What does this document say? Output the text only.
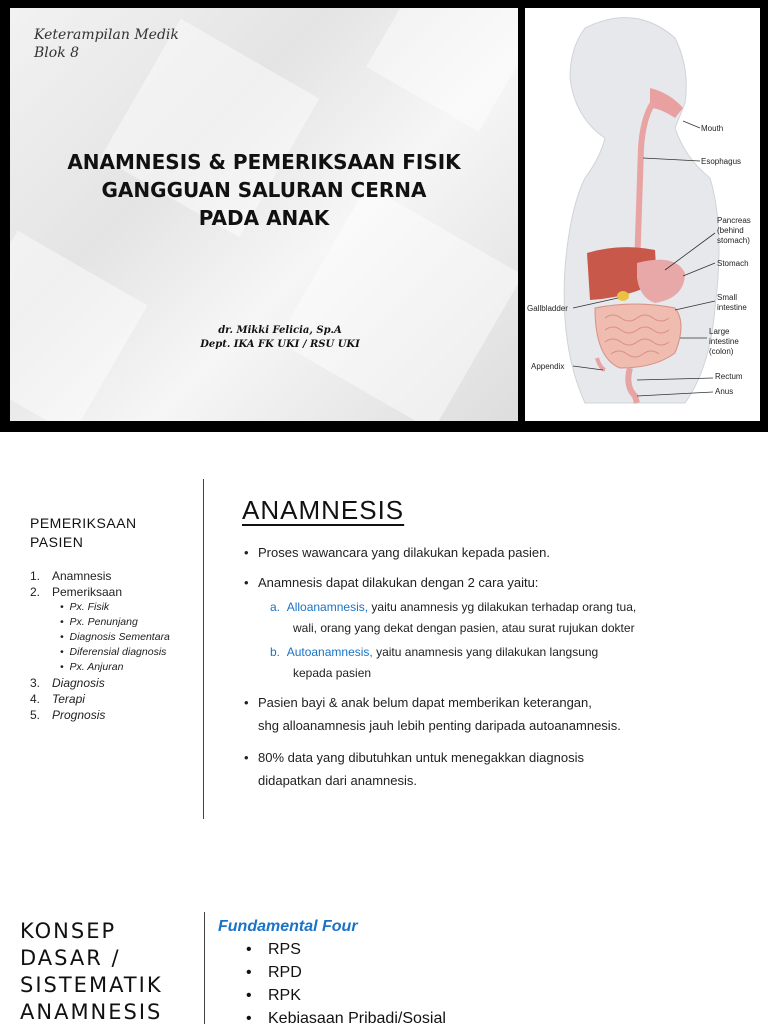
Keterampilan Medik
Blok 8
ANAMNESIS & PEMERIKSAAN FISIK
GANGGUAN SALURAN CERNA
PADA ANAK
dr. Mikki Felicia, Sp.A
Dept. IKA FK UKI / RSU UKI
Mouth
Esophagus
Pancreas
(behind
stomach)
Stomach
Small
intestine
Gallbladder
Large
intestine
(colon)
Appendix
Rectum
Anus
PEMERIKSAAN
PASIEN
1. Anamnesis
2. Pemeriksaan
•  Px. Fisik
•  Px. Penunjang
•  Diagnosis Sementara
•  Diferensial diagnosis
•  Px. Anjuran
3. Diagnosis
4. Terapi
5. Prognosis
ANAMNESIS
• Proses wawancara yang dilakukan kepada pasien.
• Anamnesis dapat dilakukan dengan 2 cara yaitu:
a. Alloanamnesis, yaitu anamnesis yg dilakukan terhadap orang tua,
wali, orang yang dekat dengan pasien, atau surat rujukan dokter
b. Autoanamnesis, yaitu anamnesis yang dilakukan langsung
kepada pasien
• Pasien bayi & anak belum dapat memberikan keterangan,
shg alloanamnesis jauh lebih penting daripada autoanamnesis.
• 80% data yang dibutuhkan untuk menegakkan diagnosis
didapatkan dari anamnesis.
KONSEP
DASAR /
SISTEMATIK
ANAMNESIS
Fundamental Four
• RPS
• RPD
• RPK
• Kebiasaan Pribadi/Sosial
